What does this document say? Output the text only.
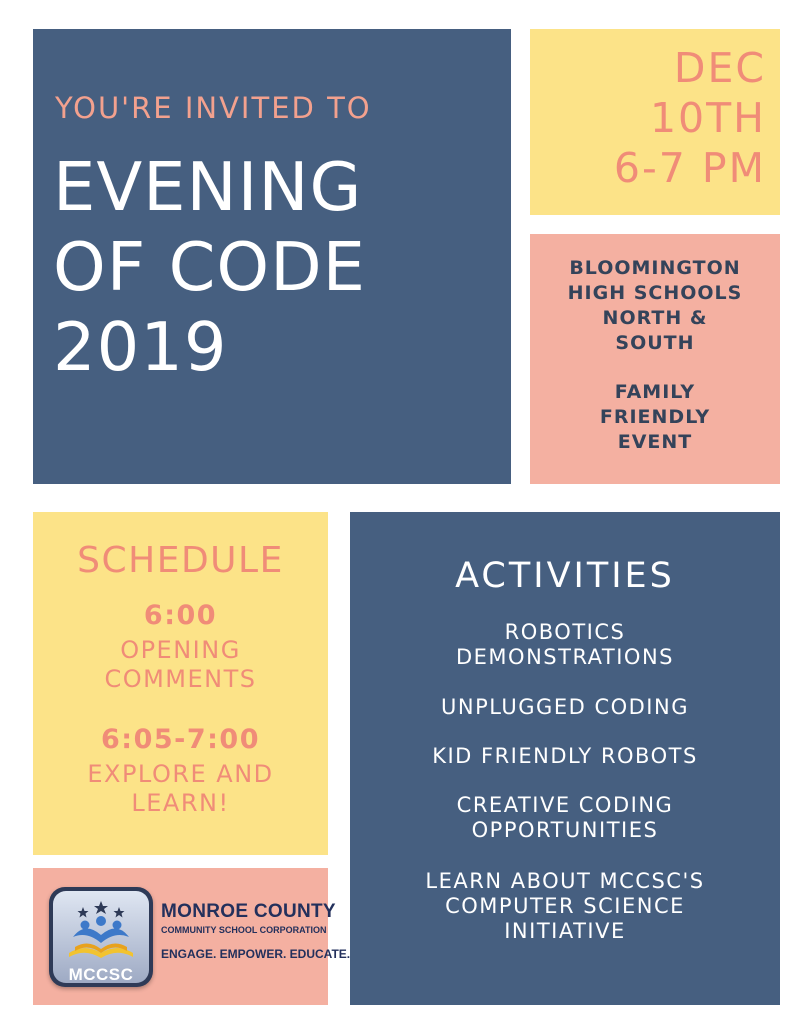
YOU'RE INVITED TO
EVENING
OF CODE
2019
DEC
10TH
6-7 PM
BLOOMINGTON
HIGH SCHOOLS
NORTH &
SOUTH
FAMILY
FRIENDLY
EVENT
SCHEDULE
6:00
OPENING
COMMENTS
6:05-7:00
EXPLORE AND
LEARN!
ACTIVITIES
ROBOTICS
DEMONSTRATIONS
UNPLUGGED CODING
KID FRIENDLY ROBOTS
CREATIVE CODING
OPPORTUNITIES
LEARN ABOUT MCCSC'S
COMPUTER SCIENCE
INITIATIVE
MCCSC
MONROE COUNTY
COMMUNITY SCHOOL CORPORATION
ENGAGE. EMPOWER. EDUCATE.
